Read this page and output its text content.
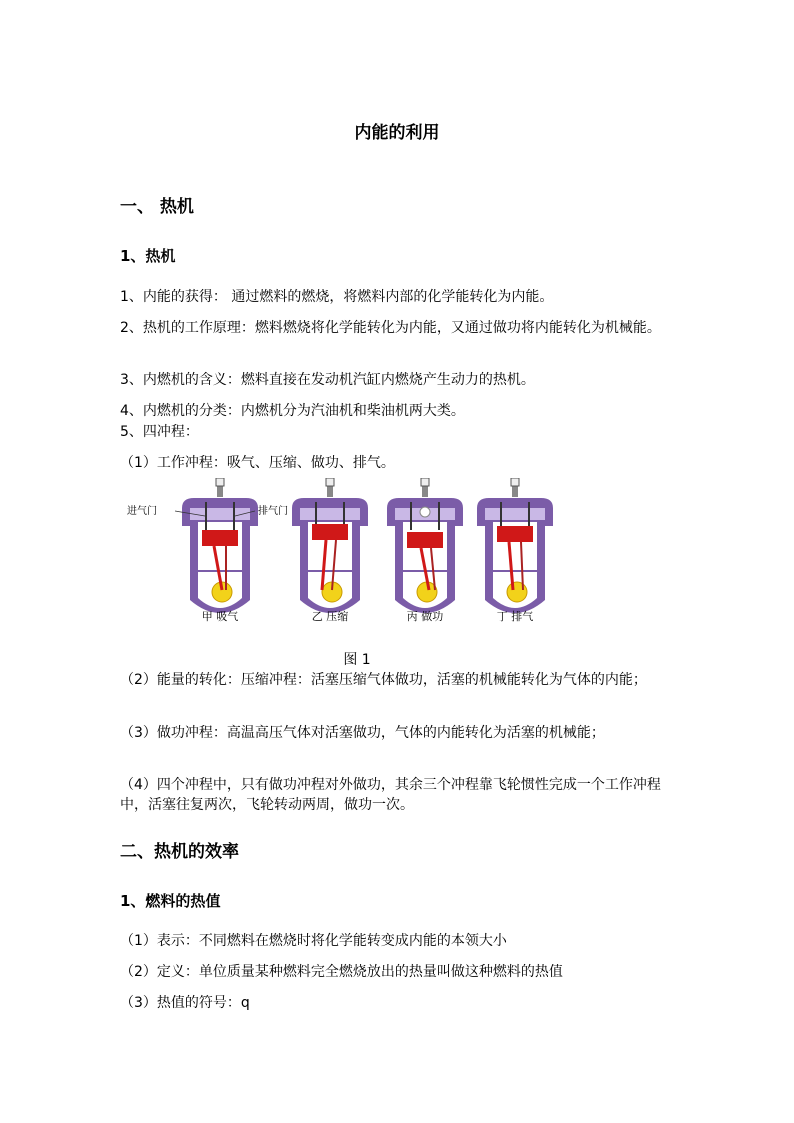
内能的利用
一、 热机
1、热机
1、内能的获得： 通过燃料的燃烧，将燃料内部的化学能转化为内能。
2、热机的工作原理：燃料燃烧将化学能转化为内能，又通过做功将内能转化为机械能。
3、内燃机的含义：燃料直接在发动机汽缸内燃烧产生动力的热机。
4、内燃机的分类：内燃机分为汽油机和柴油机两大类。
5、四冲程：
（1）工作冲程：吸气、压缩、做功、排气。
进气门	排气门
甲 吸气	乙 压缩	丙 做功	丁 排气
图 1
（2）能量的转化：压缩冲程：活塞压缩气体做功，活塞的机械能转化为气体的内能；
（3）做功冲程：高温高压气体对活塞做功，气体的内能转化为活塞的机械能；
（4）四个冲程中，只有做功冲程对外做功，其余三个冲程靠飞轮惯性完成一个工作冲程中，活塞往复两次，飞轮转动两周，做功一次。
二、热机的效率
1、燃料的热值
（1）表示：不同燃料在燃烧时将化学能转变成内能的本领大小
（2）定义：单位质量某种燃料完全燃烧放出的热量叫做这种燃料的热值
（3）热值的符号：q
